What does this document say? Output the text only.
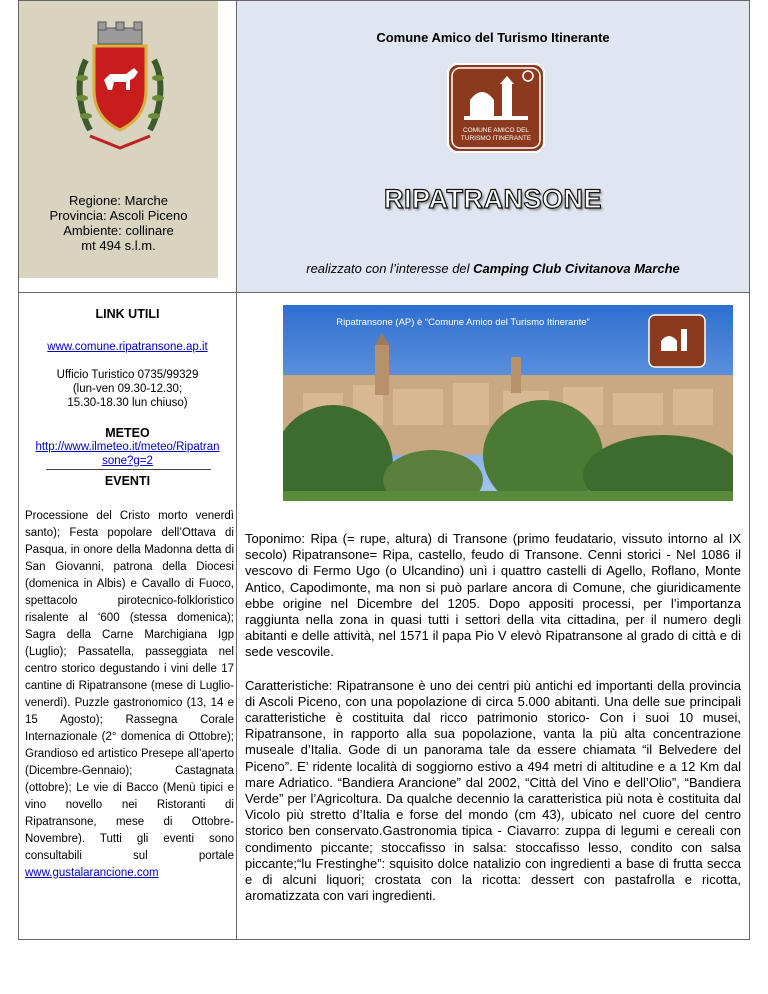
Regione: Marche
Provincia: Ascoli Piceno
Ambiente: collinare
mt 494 s.l.m.
Comune Amico del Turismo Itinerante
COMUNE AMICO DEL
TURISMO ITINERANTE
RIPATRANSONE
realizzato con l’interesse del Camping Club Civitanova Marche
LINK UTILI
www.comune.ripatransone.ap.it
Ufficio Turistico 0735/99329
(lun-ven 09.30-12.30;
15.30-18.30 lun chiuso)
METEO
http://www.ilmeteo.it/meteo/Ripatran
sone?g=2
EVENTI
Processione del Cristo morto venerdì santo); Festa popolare dell’Ottava di Pasqua, in onore della Madonna detta di San Giovanni, patrona della Diocesi (domenica in Albis) e Cavallo di Fuoco, spettacolo pirotecnico-folkloristico risalente al ‘600 (stessa domenica); Sagra della Carne Marchigiana Igp (Luglio); Passatella, passeggiata nel centro storico degustando i vini delle 17 cantine di Ripatransone (mese di Luglio- venerdì). Puzzle gastronomico (13, 14 e 15 Agosto); Rassegna Corale Internazionale (2° domenica di Ottobre); Grandioso ed artistico Presepe all’aperto (Dicembre-Gennaio); Castagnata (ottobre); Le vie di Bacco (Menù tipici e vino novello nei Ristoranti di Ripatransone, mese di Ottobre-Novembre). Tutti gli eventi sono consultabili sul portale www.gustalarancione.com
Ripatransone (AP) è “Comune Amico del Turismo Itinerante”

Toponimo: Ripa (= rupe, altura) di Transone (primo feudatario, vissuto intorno al IX secolo) Ripatransone= Ripa, castello, feudo di Transone. Cenni storici - Nel 1086 il vescovo di Fermo Ugo (o Ulcandino) unì i quattro castelli di Agello, Roflano, Monte Antico, Capodimonte, ma non si può parlare ancora di Comune, che giuridicamente ebbe origine nel Dicembre del 1205. Dopo appositi processi, per l’importanza raggiunta nella zona in quasi tutti i settori della vita cittadina, per il numero degli abitanti e delle attività, nel 1571 il papa Pio V elevò Ripatransone al grado di città e di sede vescovile.

Caratteristiche: Ripatransone è uno dei centri più antichi ed importanti della provincia di Ascoli Piceno, con una popolazione di circa 5.000 abitanti. Una delle sue principali caratteristiche è costituita dal ricco patrimonio storico- Con i suoi 10 musei, Ripatransone, in rapporto alla sua popolazione, vanta la più alta concentrazione museale d’Italia. Gode di un panorama tale da essere chiamata “il Belvedere del Piceno”. E’ ridente località di soggiorno estivo a 494 metri di altitudine e a 12 Km dal mare Adriatico. “Bandiera Arancione” dal 2002, “Città del Vino e dell’Olio”, “Bandiera Verde” per l’Agricoltura. Da qualche decennio la caratteristica più nota è costituita dal Vicolo più stretto d’Italia e forse del mondo (cm 43), ubicato nel cuore del centro storico ben conservato.Gastronomia tipica - Ciavarro: zuppa di legumi e cereali con condimento piccante; stoccafisso in salsa: stoccafisso lesso, condito con salsa piccante;“lu Frestinghe”: squisito dolce natalizio con ingredienti a base di frutta secca e di alcuni liquori; crostata con la ricotta: dessert con pastafrolla e ricotta, aromatizzata con vari ingredienti.
